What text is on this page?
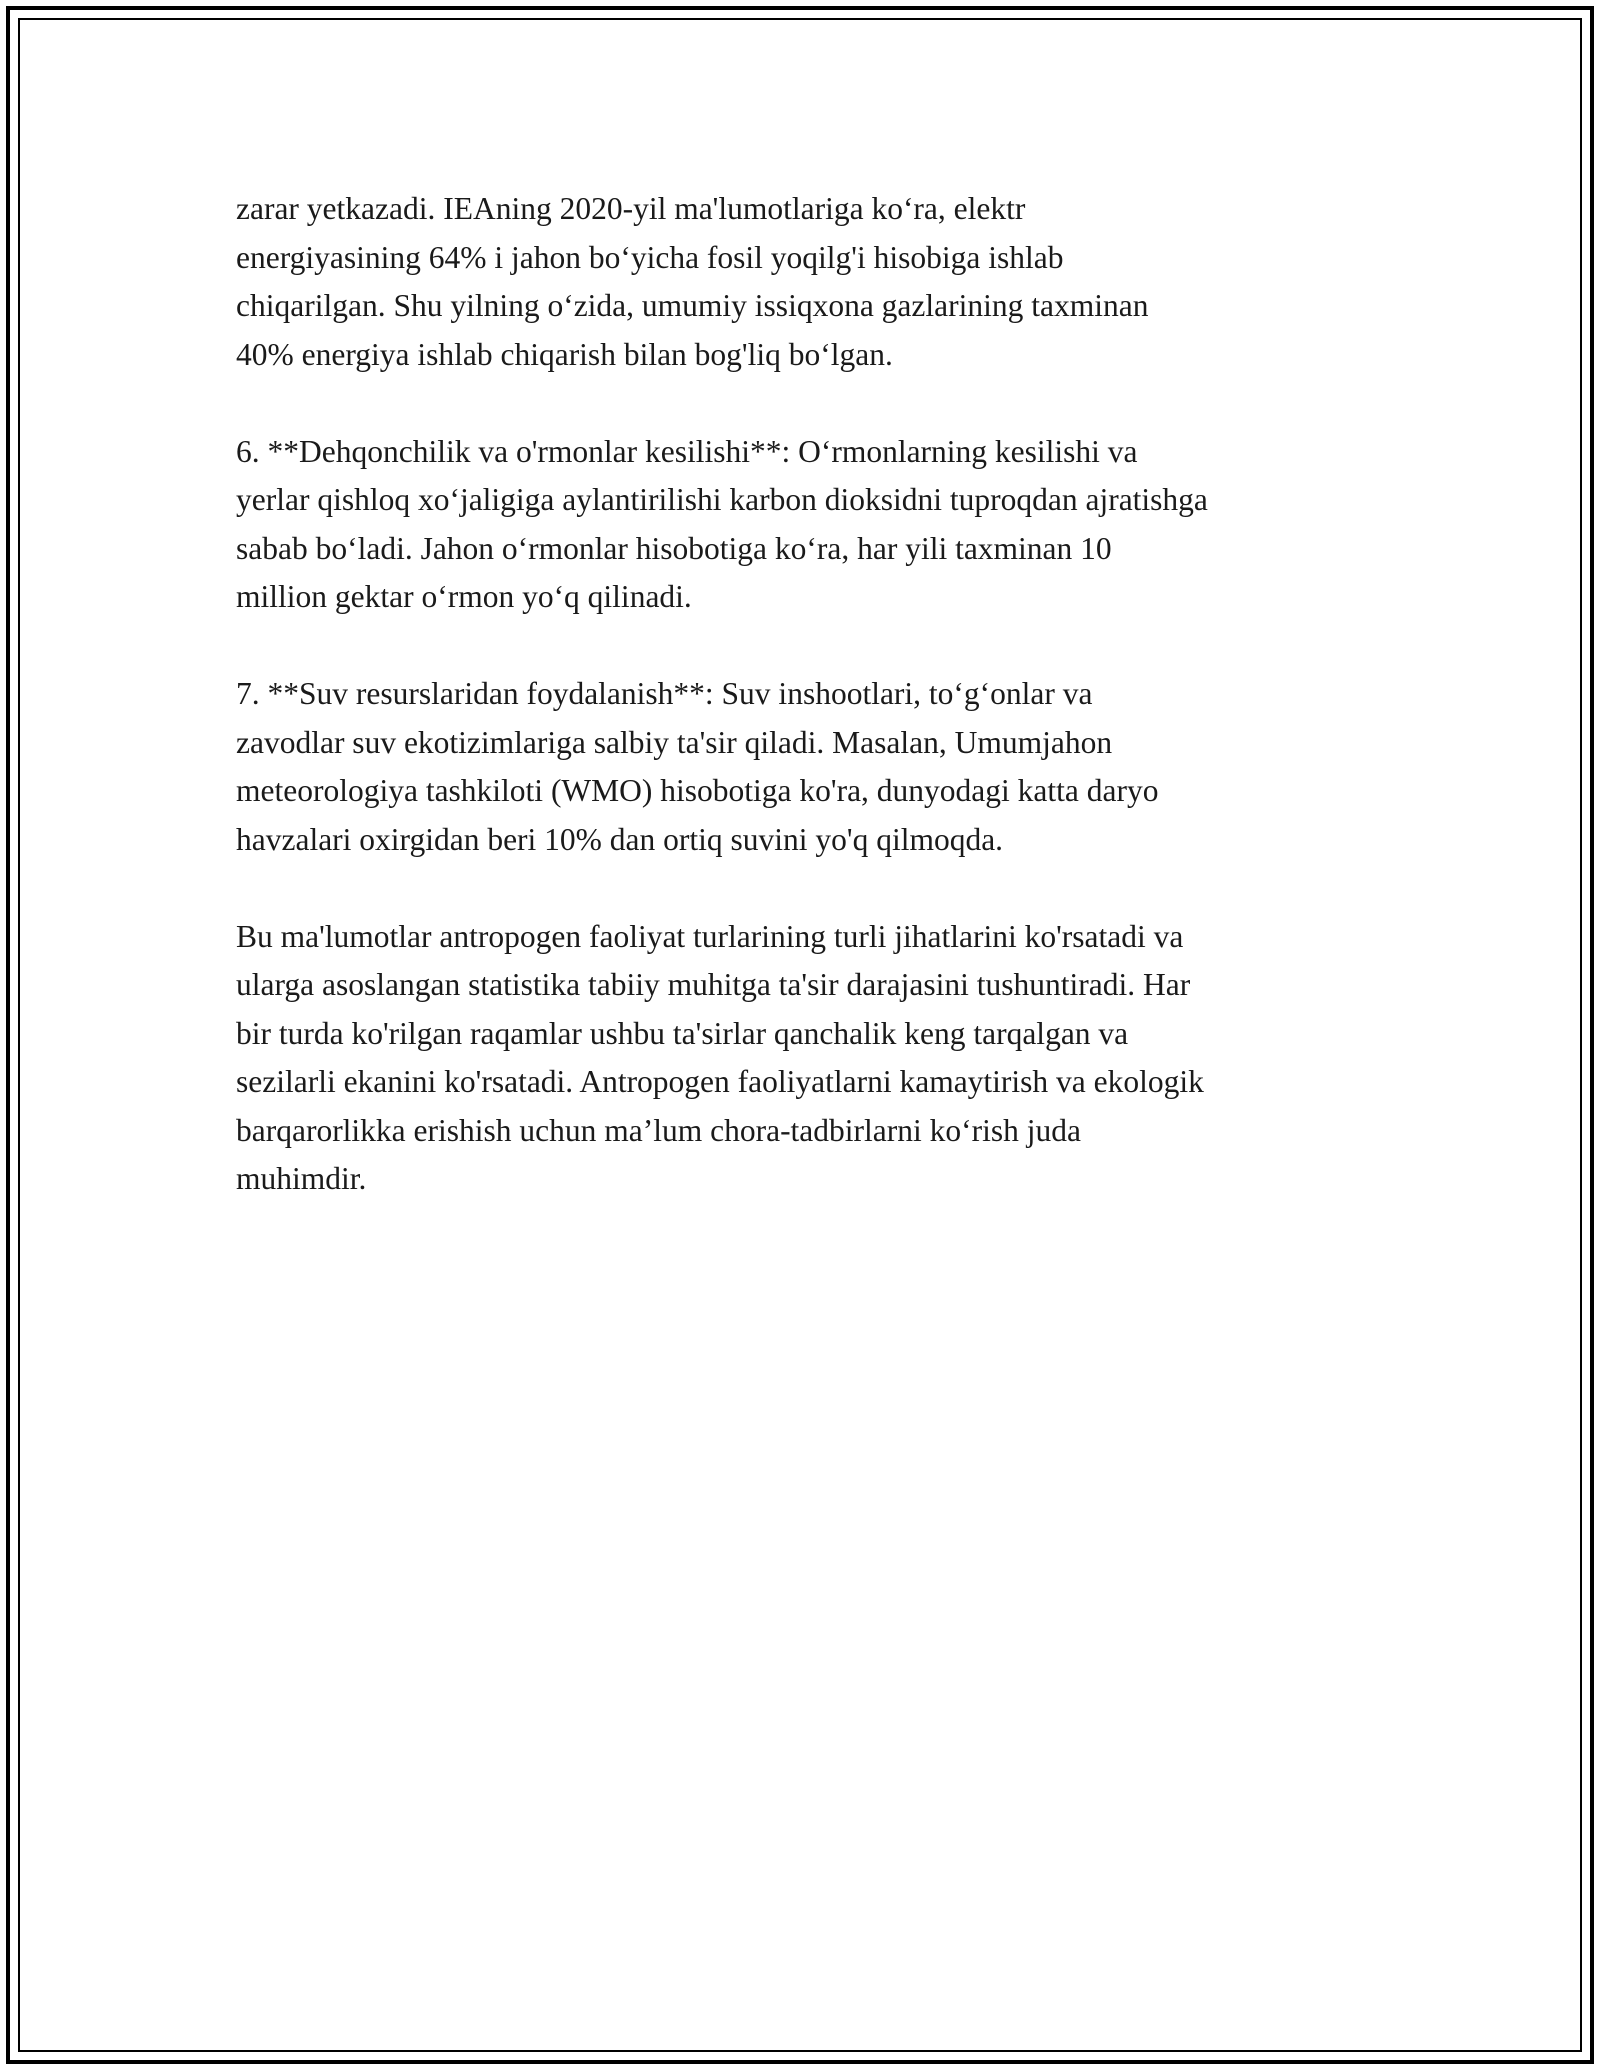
zarar yetkazadi. IEAning 2020-yil ma'lumotlariga ko‘ra, elektr
energiyasining 64% i jahon bo‘yicha fosil yoqilg'i hisobiga ishlab
chiqarilgan. Shu yilning o‘zida, umumiy issiqxona gazlarining taxminan
40% energiya ishlab chiqarish bilan bog'liq bo‘lgan.

6. **Dehqonchilik va o'rmonlar kesilishi**: O‘rmonlarning kesilishi va
yerlar qishloq xo‘jaligiga aylantirilishi karbon dioksidni tuproqdan ajratishga
sabab bo‘ladi. Jahon o‘rmonlar hisobotiga ko‘ra, har yili taxminan 10
million gektar o‘rmon yo‘q qilinadi.

7. **Suv resurslaridan foydalanish**: Suv inshootlari, to‘g‘onlar va
zavodlar suv ekotizimlariga salbiy ta'sir qiladi. Masalan, Umumjahon
meteorologiya tashkiloti (WMO) hisobotiga ko'ra, dunyodagi katta daryo
havzalari oxirgidan beri 10% dan ortiq suvini yo'q qilmoqda.

Bu ma'lumotlar antropogen faoliyat turlarining turli jihatlarini ko'rsatadi va
ularga asoslangan statistika tabiiy muhitga ta'sir darajasini tushuntiradi. Har
bir turda ko'rilgan raqamlar ushbu ta'sirlar qanchalik keng tarqalgan va
sezilarli ekanini ko'rsatadi. Antropogen faoliyatlarni kamaytirish va ekologik
barqarorlikka erishish uchun ma’lum chora-tadbirlarni ko‘rish juda
muhimdir.
